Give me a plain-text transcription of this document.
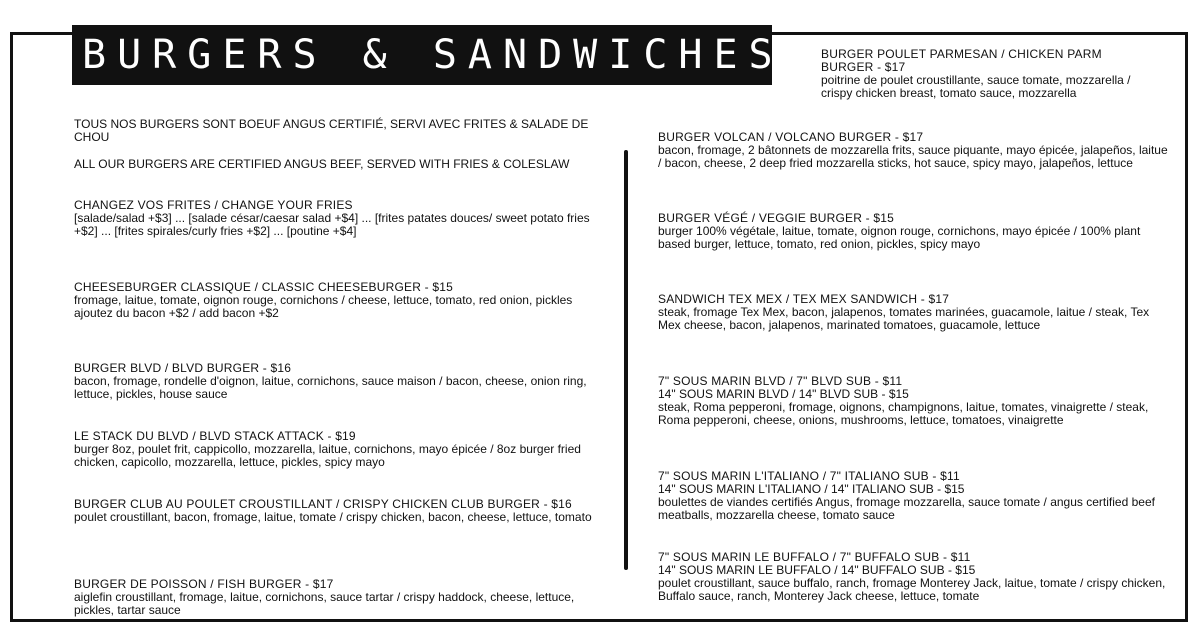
BURGERS & SANDWICHES
TOUS NOS BURGERS SONT BOEUF ANGUS CERTIFIÉ, SERVI AVEC FRITES & SALADE DE CHOU
ALL OUR BURGERS ARE CERTIFIED ANGUS BEEF, SERVED WITH FRIES & COLESLAW
CHANGEZ VOS FRITES / CHANGE YOUR FRIES
[salade/salad +$3] ... [salade césar/caesar salad +$4] ... [frites patates douces/ sweet potato fries +$2] ... [frites spirales/curly fries +$2] ... [poutine +$4]
CHEESEBURGER CLASSIQUE / CLASSIC CHEESEBURGER - $15
fromage, laitue, tomate, oignon rouge, cornichons / cheese, lettuce, tomato, red onion, pickles
ajoutez du bacon +$2 / add bacon +$2
BURGER BLVD / BLVD BURGER - $16
bacon, fromage, rondelle d'oignon, laitue, cornichons, sauce maison / bacon, cheese, onion ring, lettuce, pickles, house sauce
LE STACK DU BLVD / BLVD STACK ATTACK - $19
burger 8oz, poulet frit, cappicollo, mozzarella, laitue, cornichons, mayo épicée / 8oz burger fried chicken, capicollo, mozzarella, lettuce, pickles, spicy mayo
BURGER CLUB AU POULET CROUSTILLANT / CRISPY CHICKEN CLUB BURGER - $16
poulet croustillant, bacon, fromage, laitue, tomate / crispy chicken, bacon, cheese, lettuce, tomato
BURGER DE POISSON / FISH BURGER - $17
aiglefin croustillant, fromage, laitue, cornichons, sauce tartar / crispy haddock, cheese, lettuce, pickles, tartar sauce
BURGER POULET PARMESAN / CHICKEN PARM BURGER - $17
poitrine de poulet croustillante, sauce tomate, mozzarella / crispy chicken breast, tomato sauce, mozzarella
BURGER VOLCAN / VOLCANO BURGER - $17
bacon, fromage, 2 bâtonnets de mozzarella frits, sauce piquante, mayo épicée, jalapeños, laitue / bacon, cheese, 2 deep fried mozzarella sticks, hot sauce, spicy mayo, jalapeños, lettuce
BURGER VÉGÉ / VEGGIE BURGER - $15
burger 100% végétale, laitue, tomate, oignon rouge, cornichons, mayo épicée / 100% plant based burger, lettuce, tomato, red onion, pickles, spicy mayo
SANDWICH TEX MEX / TEX MEX SANDWICH - $17
steak, fromage Tex Mex, bacon, jalapenos, tomates marinées, guacamole, laitue / steak, Tex Mex cheese, bacon, jalapenos, marinated tomatoes, guacamole, lettuce
7" SOUS MARIN BLVD / 7" BLVD SUB - $11
14" SOUS MARIN BLVD / 14" BLVD SUB - $15
steak, Roma pepperoni, fromage, oignons, champignons, laitue, tomates, vinaigrette / steak, Roma pepperoni, cheese, onions, mushrooms, lettuce, tomatoes, vinaigrette
7" SOUS MARIN L'ITALIANO / 7" ITALIANO SUB - $11
14" SOUS MARIN L'ITALIANO / 14" ITALIANO SUB - $15
boulettes de viandes certifiés Angus, fromage mozzarella, sauce tomate / angus certified beef meatballs, mozzarella cheese, tomato sauce
7" SOUS MARIN LE BUFFALO / 7" BUFFALO SUB - $11
14" SOUS MARIN LE BUFFALO / 14" BUFFALO SUB - $15
poulet croustillant, sauce buffalo, ranch, fromage Monterey Jack, laitue, tomate / crispy chicken, Buffalo sauce, ranch, Monterey Jack cheese, lettuce, tomate
